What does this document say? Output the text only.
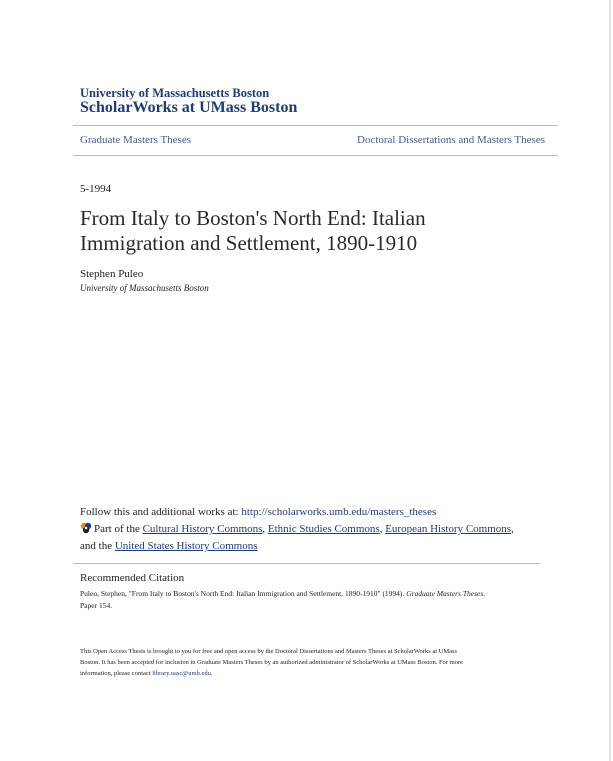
University of Massachusetts Boston
ScholarWorks at UMass Boston
Graduate Masters Theses	Doctoral Dissertations and Masters Theses
5-1994
From Italy to Boston's North End: Italian
Immigration and Settlement, 1890-1910
Stephen Puleo
University of Massachusetts Boston
Follow this and additional works at: http://scholarworks.umb.edu/masters_theses
Part of the Cultural History Commons, Ethnic Studies Commons, European History Commons,
and the United States History Commons
Recommended Citation
Puleo, Stephen, "From Italy to Boston's North End: Italian Immigration and Settlement, 1890-1910" (1994). Graduate Masters Theses.
Paper 154.
This Open Access Thesis is brought to you for free and open access by the Doctoral Dissertations and Masters Theses at ScholarWorks at UMass
Boston. It has been accepted for inclusion in Graduate Masters Theses by an authorized administrator of ScholarWorks at UMass Boston. For more
information, please contact library.uasc@umb.edu.
